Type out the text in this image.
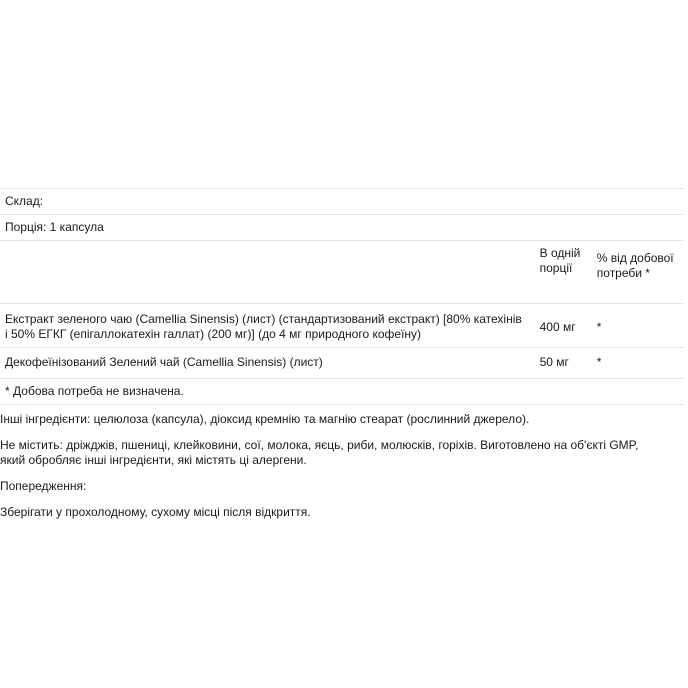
Склад:		
Порція: 1 капсула		
	В одній порції	% від добової потреби *
Екстракт зеленого чаю (Camellia Sinensis) (лист) (стандартизований екстракт) [80% катехінів і 50% ЕГКГ (епігаллокатехін галлат) (200 мг)] (до 4 мг природного кофеїну)	400 мг	*
Декофеїнізований Зелений чай (Camellia Sinensis) (лист)	50 мг	*
* Добова потреба не визначена.		

Інші інгредієнти: целюлоза (капсула), діоксид кремнію та магнію стеарат (рослинний джерело).

Не містить: дріжджів, пшениці, клейковини, сої, молока, яєць, риби, молюсків, горіхів. Виготовлено на об'єкті GMP, який обробляє інші інгредієнти, які містять ці алергени.

Попередження:

Зберігати у прохолодному, сухому місці після відкриття.
